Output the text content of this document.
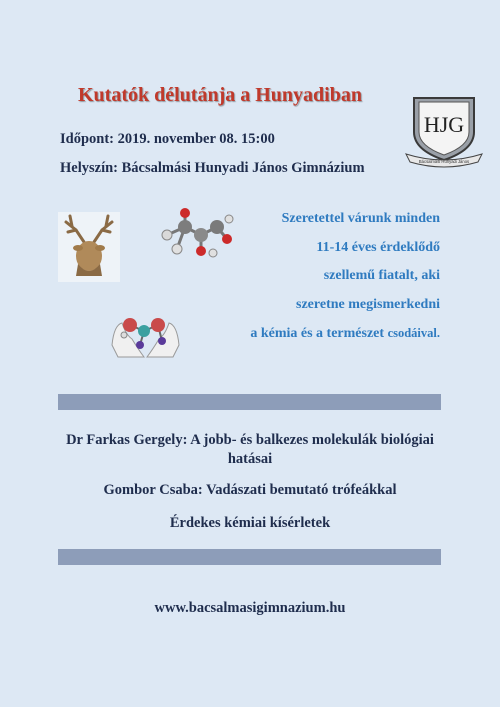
Kutatók délutánja a Hunyadiban
Időpont: 2019. november 08. 15:00
Helyszín: Bácsalmási Hunyadi János Gimnázium
HJG
Bácsalmási Hunyadi János
Szeretettel várunk minden
11-14 éves érdeklődő
szellemű fiatalt, aki
szeretne megismerkedni
a kémia és a természet csodáival.
Dr Farkas Gergely: A jobb- és balkezes molekulák biológiai hatásai
Gombor Csaba: Vadászati bemutató trófeákkal
Érdekes kémiai kísérletek
www.bacsalmasigimnazium.hu
